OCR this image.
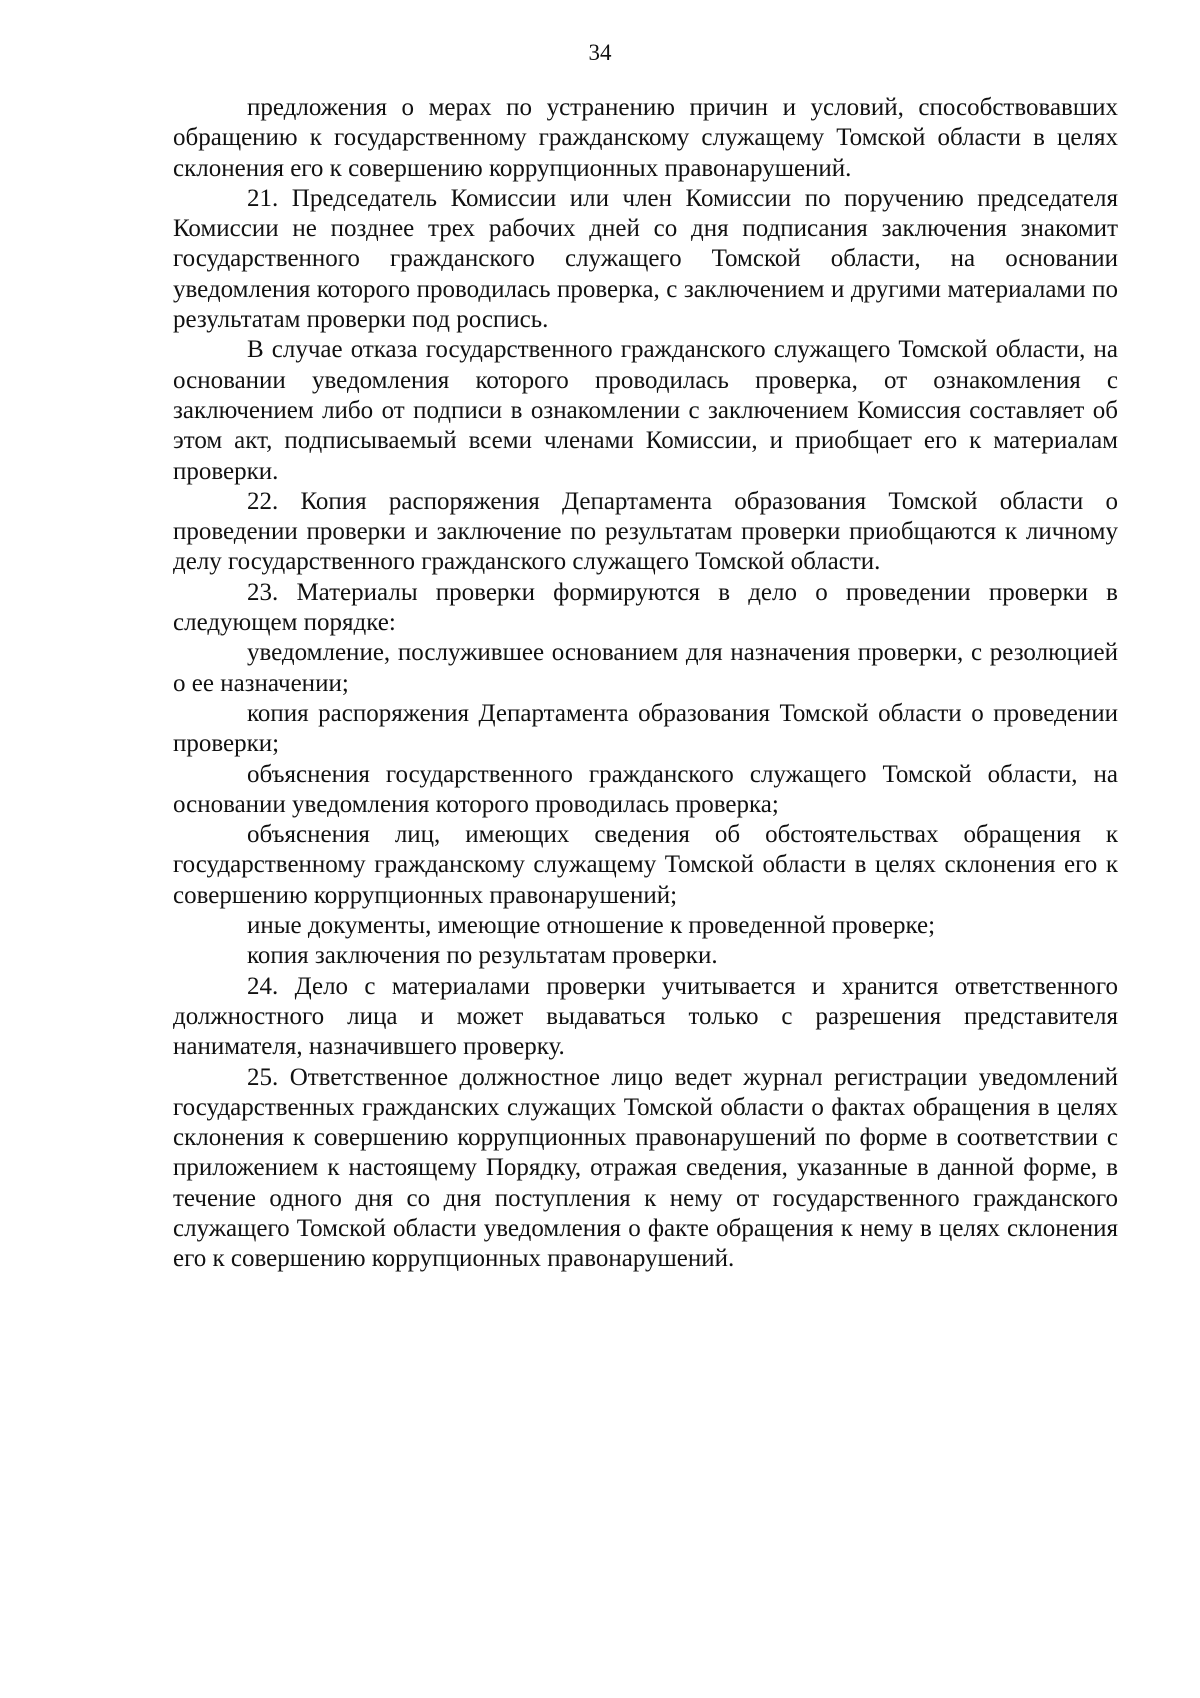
34

предложения о мерах по устранению причин и условий, способствовавших обращению к государственному гражданскому служащему Томской области в целях склонения его к совершению коррупционных правонарушений.

21. Председатель Комиссии или член Комиссии по поручению председателя Комиссии не позднее трех рабочих дней со дня подписания заключения знакомит государственного гражданского служащего Томской области, на основании уведомления которого проводилась проверка, с заключением и другими материалами по результатам проверки под роспись.

В случае отказа государственного гражданского служащего Томской области, на основании уведомления которого проводилась проверка, от ознакомления с заключением либо от подписи в ознакомлении с заключением Комиссия составляет об этом акт, подписываемый всеми членами Комиссии, и приобщает его к материалам проверки.

22. Копия распоряжения Департамента образования Томской области о проведении проверки и заключение по результатам проверки приобщаются к личному делу государственного гражданского служащего Томской области.

23. Материалы проверки формируются в дело о проведении проверки в следующем порядке:

уведомление, послужившее основанием для назначения проверки, с резолюцией о ее назначении;

копия распоряжения Департамента образования Томской области о проведении проверки;

объяснения государственного гражданского служащего Томской области, на основании уведомления которого проводилась проверка;

объяснения лиц, имеющих сведения об обстоятельствах обращения к государственному гражданскому служащему Томской области в целях склонения его к совершению коррупционных правонарушений;

иные документы, имеющие отношение к проведенной проверке;

копия заключения по результатам проверки.

24. Дело с материалами проверки учитывается и хранится ответственного должностного лица и может выдаваться только с разрешения представителя нанимателя, назначившего проверку.

25. Ответственное должностное лицо ведет журнал регистрации уведомлений государственных гражданских служащих Томской области о фактах обращения в целях склонения к совершению коррупционных правонарушений по форме в соответствии с приложением к настоящему Порядку, отражая сведения, указанные в данной форме, в течение одного дня со дня поступления к нему от государственного гражданского служащего Томской области уведомления о факте обращения к нему в целях склонения его к совершению коррупционных правонарушений.
